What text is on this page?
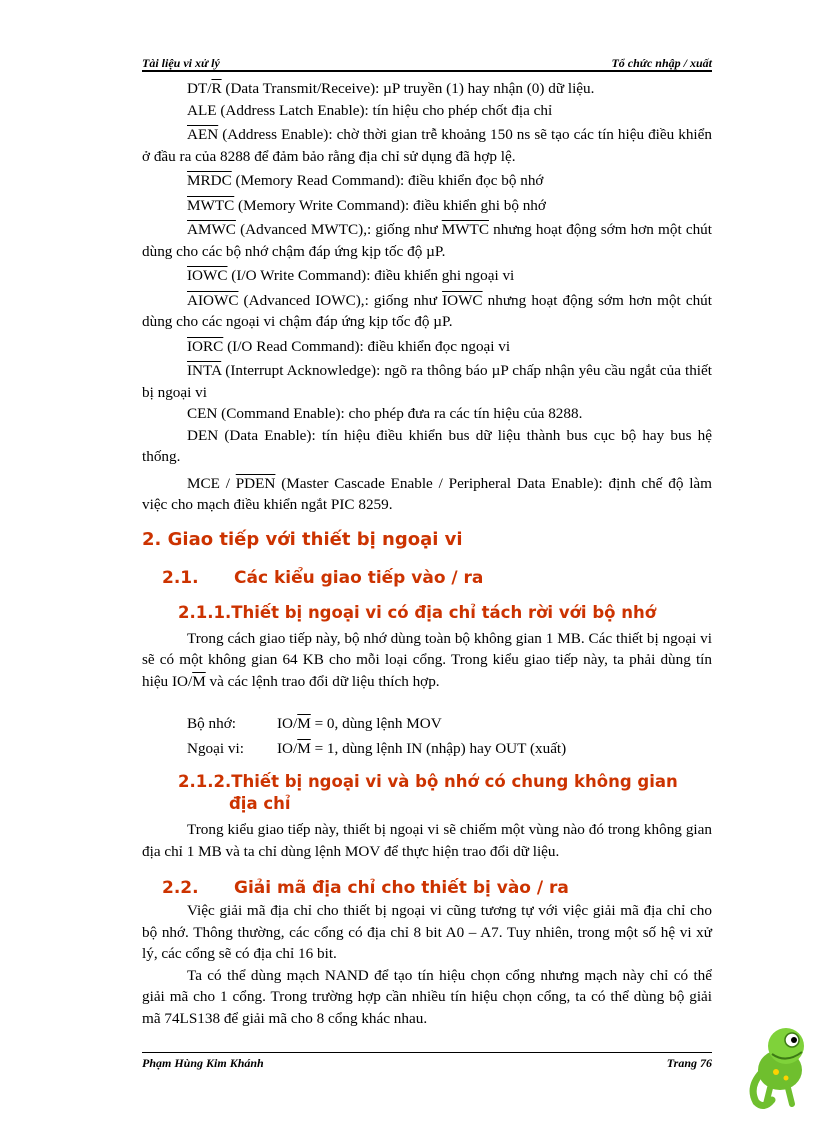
Tài liệu vi xử lý	Tổ chức nhập / xuất

$DT/\overline{R}$ (Data Transmit/Receive): µP truyền (1) hay nhận (0) dữ liệu.

ALE (Address Latch Enable): tín hiệu cho phép chốt địa chỉ

$\overline{AEN}$ (Address Enable): chờ thời gian trễ khoảng 150 ns sẽ tạo các tín hiệu điều khiển ở đầu ra của 8288 để đảm bảo rằng địa chỉ sử dụng đã hợp lệ.

MRDC (Memory Read Command): điều khiển đọc bộ nhớ

MWTC (Memory Write Command): điều khiển ghi bộ nhớ

AMWC (Advanced MWTC),: giống như MWTC nhưng hoạt động sớm hơn một chút dùng cho các bộ nhớ chậm đáp ứng kịp tốc độ µP.

IOWC (I/O Write Command): điều khiển ghi ngoại vi

AIOWC (Advanced IOWC),: giống như IOWC nhưng hoạt động sớm hơn một chút dùng cho các ngoại vi chậm đáp ứng kịp tốc độ µP.

IORC (I/O Read Command): điều khiển đọc ngoại vi

INTA (Interrupt Acknowledge): ngõ ra thông báo µP chấp nhận yêu cầu ngắt của thiết bị ngoại vi

CEN (Command Enable): cho phép đưa ra các tín hiệu của 8288.

DEN (Data Enable): tín hiệu điều khiển bus dữ liệu thành bus cục bộ hay bus hệ thống.

MCE / PDEN (Master Cascade Enable / Peripheral Data Enable): định chế độ làm việc cho mạch điều khiển ngắt PIC 8259.

2. Giao tiếp với thiết bị ngoại vi
2.1. Các kiểu giao tiếp vào / ra
2.1.1.Thiết bị ngoại vi có địa chỉ tách rời với bộ nhớ

Trong cách giao tiếp này, bộ nhớ dùng toàn bộ không gian 1 MB. Các thiết bị ngoại vi sẽ có một không gian 64 KB cho mỗi loại cổng. Trong kiểu giao tiếp này, ta phải dùng tín hiệu $IO/\overline{M}$ và các lệnh trao đổi dữ liệu thích hợp.

Bộ nhớ:	$IO/\overline{M} = 0$, dùng lệnh MOV
Ngoại vi:	$IO/\overline{M} = 1$, dùng lệnh IN (nhập) hay OUT (xuất)
2.1.2.Thiết bị ngoại vi và bộ nhớ có chung không gian địa chỉ

Trong kiểu giao tiếp này, thiết bị ngoại vi sẽ chiếm một vùng nào đó trong không gian địa chỉ 1 MB và ta chỉ dùng lệnh MOV để thực hiện trao đổi dữ liệu.

2.2. Giải mã địa chỉ cho thiết bị vào / ra

Việc giải mã địa chỉ cho thiết bị ngoại vi cũng tương tự với việc giải mã địa chỉ cho bộ nhớ. Thông thường, các cổng có địa chỉ 8 bit A0 – A7. Tuy nhiên, trong một số hệ vi xử lý, các cổng sẽ có địa chỉ 16 bit.

Ta có thể dùng mạch NAND để tạo tín hiệu chọn cổng nhưng mạch này chỉ có thể giải mã cho 1 cổng. Trong trường hợp cần nhiều tín hiệu chọn cổng, ta có thể dùng bộ giải mã 74LS138 để giải mã cho 8 cổng khác nhau.

Phạm Hùng Kim Khánh	Trang 76
